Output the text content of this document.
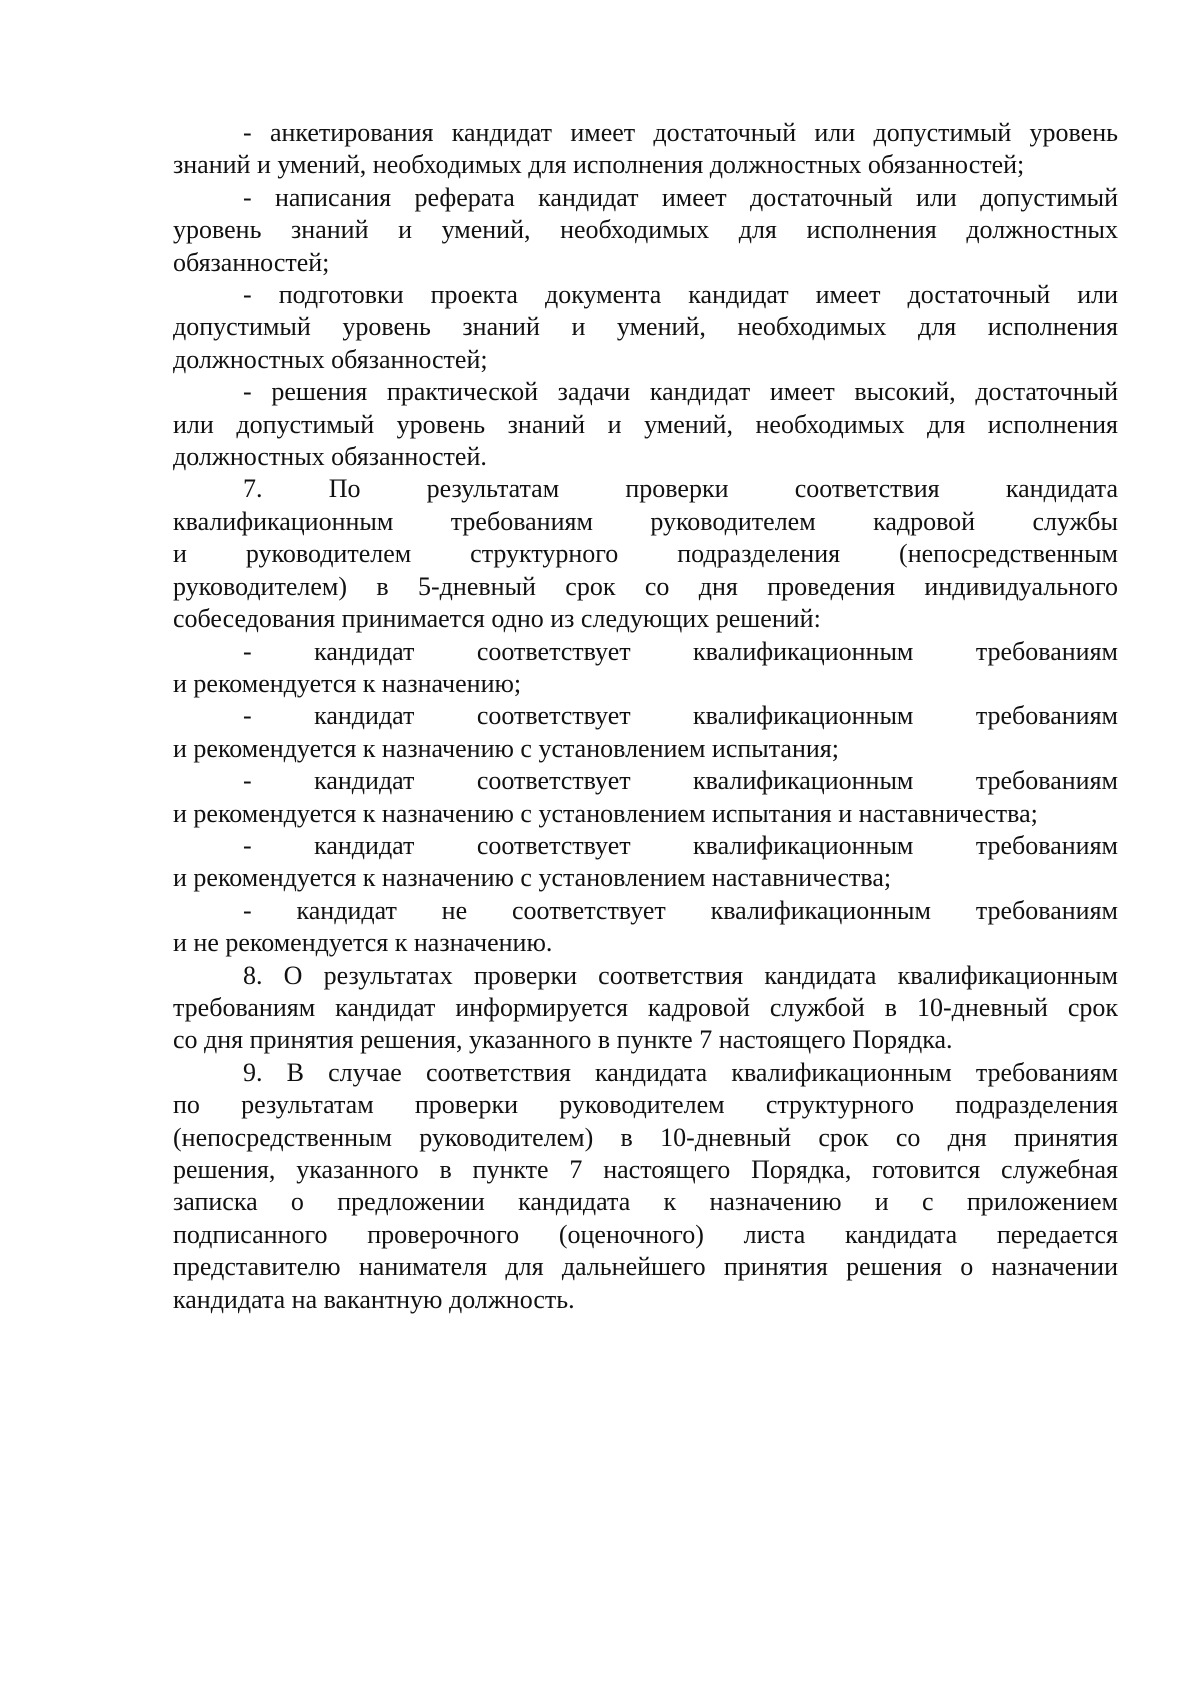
- анкетирования кандидат имеет достаточный или допустимый уровень
знаний и умений, необходимых для исполнения должностных обязанностей;
- написания реферата кандидат имеет достаточный или допустимый
уровень знаний и умений, необходимых для исполнения должностных
обязанностей;
- подготовки проекта документа кандидат имеет достаточный или
допустимый уровень знаний и умений, необходимых для исполнения
должностных обязанностей;
- решения практической задачи кандидат имеет высокий, достаточный
или допустимый уровень знаний и умений, необходимых для исполнения
должностных обязанностей.
7. По результатам проверки соответствия кандидата
квалификационным требованиям руководителем кадровой службы
и руководителем структурного подразделения (непосредственным
руководителем) в 5-дневный срок со дня проведения индивидуального
собеседования принимается одно из следующих решений:
- кандидат соответствует квалификационным требованиям
и рекомендуется к назначению;
- кандидат соответствует квалификационным требованиям
и рекомендуется к назначению с установлением испытания;
- кандидат соответствует квалификационным требованиям
и рекомендуется к назначению с установлением испытания и наставничества;
- кандидат соответствует квалификационным требованиям
и рекомендуется к назначению с установлением наставничества;
- кандидат не соответствует квалификационным требованиям
и не рекомендуется к назначению.
8. О результатах проверки соответствия кандидата квалификационным
требованиям кандидат информируется кадровой службой в 10-дневный срок
со дня принятия решения, указанного в пункте 7 настоящего Порядка.
9. В случае соответствия кандидата квалификационным требованиям
по результатам проверки руководителем структурного подразделения
(непосредственным руководителем) в 10-дневный срок со дня принятия
решения, указанного в пункте 7 настоящего Порядка, готовится служебная
записка о предложении кандидата к назначению и с приложением
подписанного проверочного (оценочного) листа кандидата передается
представителю нанимателя для дальнейшего принятия решения о назначении
кандидата на вакантную должность.
